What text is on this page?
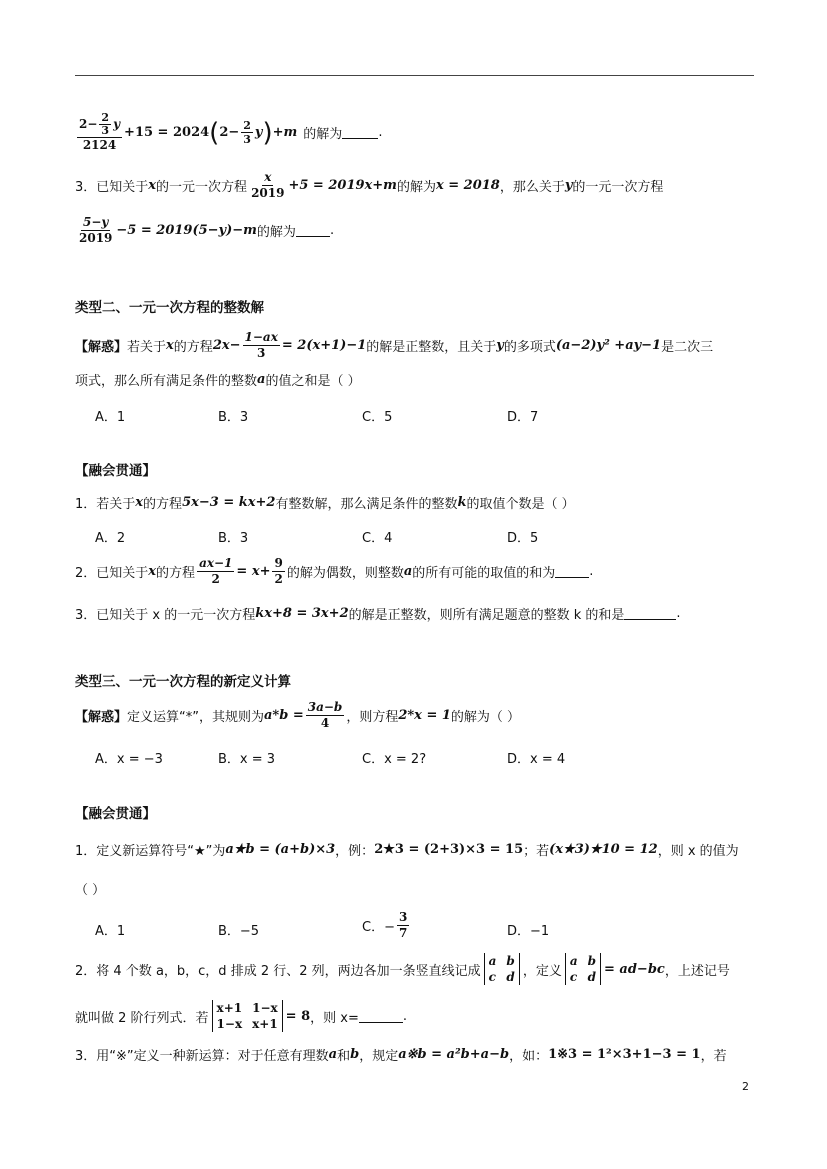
$\frac{2- \frac{2}{3} y}{2124} +15 = 2024$ ( $2- \frac{2}{3}$ y ) +m 的解为	.
3．已知关于 x 的一元一次方程 $\frac{x}{2019} +5 = 2019x+m$ 的解为 x = 2018 ，那么关于 y 的一元一次方程
$\frac{5-y}{2019} -5 = 2019(5-y)-m$ 的解为	.
类型二、一元一次方程的整数解
【解惑】 若关于 x 的方程 $2x- \frac{1-ax}{3} = 2(x+1)-1$ 的解是正整数，且关于 y 的多项式 (a−2)y² +ay−1 是二次三
项式，那么所有满足条件的整数 a 的值之和是（ ）
A．1	B．3	C．5	D．7
【融会贯通】
1．若关于 x 的方程 5x−3 = kx+2 有整数解，那么满足条件的整数 k 的取值个数是（ ）
A．2	B．3	C．4	D．5
2．已知关于 x 的方程 $\frac{ax-1}{2} = x+ \frac{9}{2}$ 的解为偶数，则整数 a 的所有可能的取值的和为	.
3．已知关于 x 的一元一次方程 kx+8 = 3x+2 的解是正整数，则所有满足题意的整数 k 的和是	.
类型三、一元一次方程的新定义计算
【解惑】 定义运算“*”，其规则为 $a*b = \frac{3a-b}{4}$ ，则方程 2*x = 1 的解为（ ）
A．x = −3	B．x = 3	C．x = 2?	D．x = 4
【融会贯通】
1．定义新运算符号“★”为 a★b = (a+b)×3 ，例： 2★3 = (2+3)×3 = 15 ；若 (x★3)★10 = 12 ，则 x 的值为
（ ）
A．1	B．−5	C．− $\frac{3}{7}$	D．−1
2．将 4 个数 a，b，c，d 排成 2 行、2 列，两边各加一条竖直线记成
a b
c d ，定义
a b
c d
= ad−bc ，上述记号
就叫做 2 阶行列式．若
x+1 1−x
1−x x+1
= 8 ，则 x=	.
3．用“※”定义一种新运算：对于任意有理数 a 和 b ，规定 a※b = a²b+a−b ，如： 1※3 = 1²×3+1−3 = 1 ，若
2
